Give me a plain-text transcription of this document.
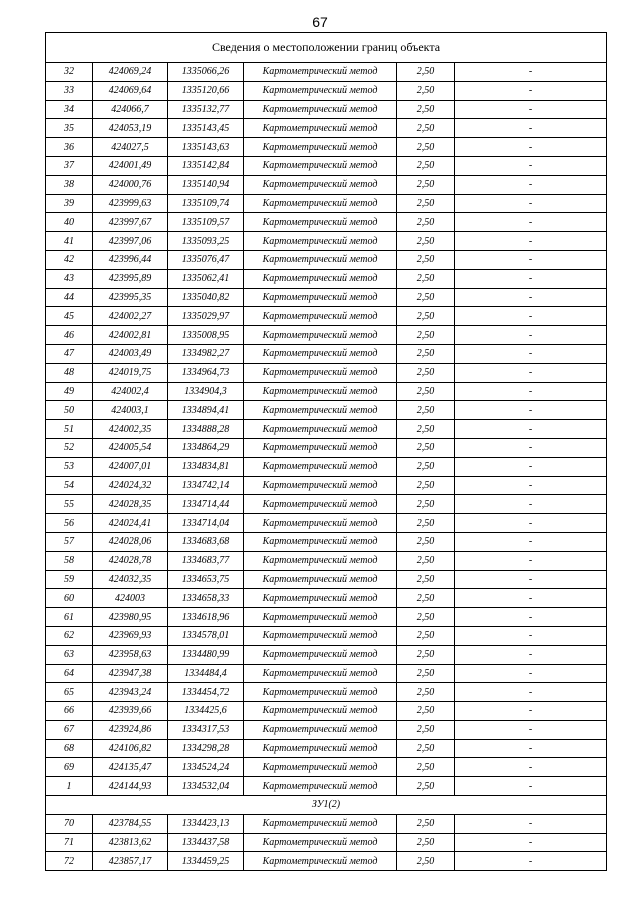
67
Сведения о местоположении границ объекта					
32	424069,24	1335066,26	Картометрический метод	2,50	-
33	424069,64	1335120,66	Картометрический метод	2,50	-
34	424066,7	1335132,77	Картометрический метод	2,50	-
35	424053,19	1335143,45	Картометрический метод	2,50	-
36	424027,5	1335143,63	Картометрический метод	2,50	-
37	424001,49	1335142,84	Картометрический метод	2,50	-
38	424000,76	1335140,94	Картометрический метод	2,50	-
39	423999,63	1335109,74	Картометрический метод	2,50	-
40	423997,67	1335109,57	Картометрический метод	2,50	-
41	423997,06	1335093,25	Картометрический метод	2,50	-
42	423996,44	1335076,47	Картометрический метод	2,50	-
43	423995,89	1335062,41	Картометрический метод	2,50	-
44	423995,35	1335040,82	Картометрический метод	2,50	-
45	424002,27	1335029,97	Картометрический метод	2,50	-
46	424002,81	1335008,95	Картометрический метод	2,50	-
47	424003,49	1334982,27	Картометрический метод	2,50	-
48	424019,75	1334964,73	Картометрический метод	2,50	-
49	424002,4	1334904,3	Картометрический метод	2,50	-
50	424003,1	1334894,41	Картометрический метод	2,50	-
51	424002,35	1334888,28	Картометрический метод	2,50	-
52	424005,54	1334864,29	Картометрический метод	2,50	-
53	424007,01	1334834,81	Картометрический метод	2,50	-
54	424024,32	1334742,14	Картометрический метод	2,50	-
55	424028,35	1334714,44	Картометрический метод	2,50	-
56	424024,41	1334714,04	Картометрический метод	2,50	-
57	424028,06	1334683,68	Картометрический метод	2,50	-
58	424028,78	1334683,77	Картометрический метод	2,50	-
59	424032,35	1334653,75	Картометрический метод	2,50	-
60	424003	1334658,33	Картометрический метод	2,50	-
61	423980,95	1334618,96	Картометрический метод	2,50	-
62	423969,93	1334578,01	Картометрический метод	2,50	-
63	423958,63	1334480,99	Картометрический метод	2,50	-
64	423947,38	1334484,4	Картометрический метод	2,50	-
65	423943,24	1334454,72	Картометрический метод	2,50	-
66	423939,66	1334425,6	Картометрический метод	2,50	-
67	423924,86	1334317,53	Картометрический метод	2,50	-
68	424106,82	1334298,28	Картометрический метод	2,50	-
69	424135,47	1334524,24	Картометрический метод	2,50	-
1	424144,93	1334532,04	Картометрический метод	2,50	-
ЗУ1(2)					
70	423784,55	1334423,13	Картометрический метод	2,50	-
71	423813,62	1334437,58	Картометрический метод	2,50	-
72	423857,17	1334459,25	Картометрический метод	2,50	-
